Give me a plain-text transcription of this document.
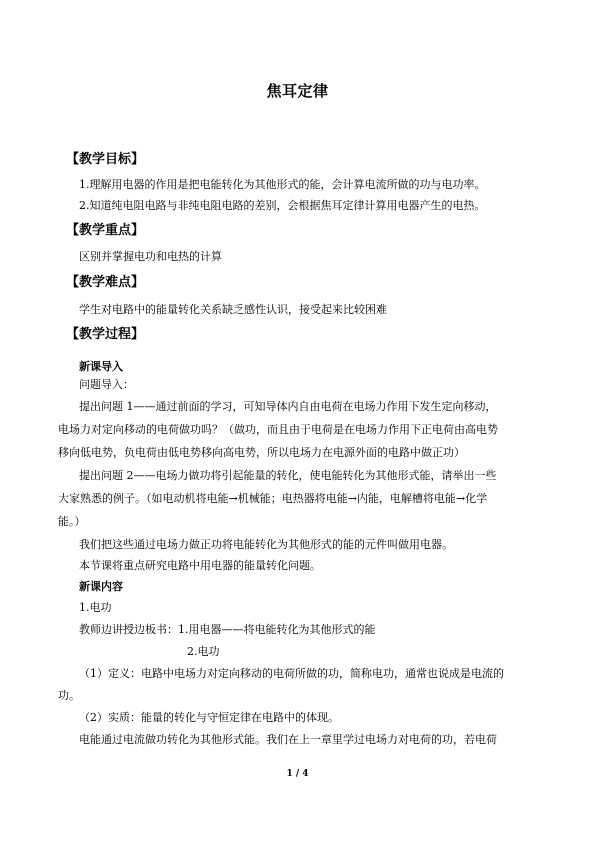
焦耳定律
【教学目标】
1.理解用电器的作用是把电能转化为其他形式的能，会计算电流所做的功与电功率。
2.知道纯电阻电路与非纯电阻电路的差别，会根据焦耳定律计算用电器产生的电热。
【教学重点】
区别并掌握电功和电热的计算
【教学难点】
学生对电路中的能量转化关系缺乏感性认识，接受起来比较困难
【教学过程】
新课导入
问题导入：
提出问题 1——通过前面的学习，可知导体内自由电荷在电场力作用下发生定向移动，
电场力对定向移动的电荷做功吗？（做功，而且由于电荷是在电场力作用下正电荷由高电势
移向低电势，负电荷由低电势移向高电势，所以电场力在电源外面的电路中做正功）
提出问题 2——电场力做功将引起能量的转化，使电能转化为其他形式能，请举出一些
大家熟悉的例子。（如电动机将电能→机械能；电热器将电能→内能，电解槽将电能→化学
能。）
我们把这些通过电场力做正功将电能转化为其他形式的能的元件叫做用电器。
本节课将重点研究电路中用电器的能量转化问题。
新课内容
1.电功
教师边讲授边板书：1.用电器——将电能转化为其他形式的能
2.电功
（1）定义：电路中电场力对定向移动的电荷所做的功，简称电功，通常也说成是电流的
功。
（2）实质：能量的转化与守恒定律在电路中的体现。
电能通过电流做功转化为其他形式能。我们在上一章里学过电场力对电荷的功，若电荷
1 / 4
